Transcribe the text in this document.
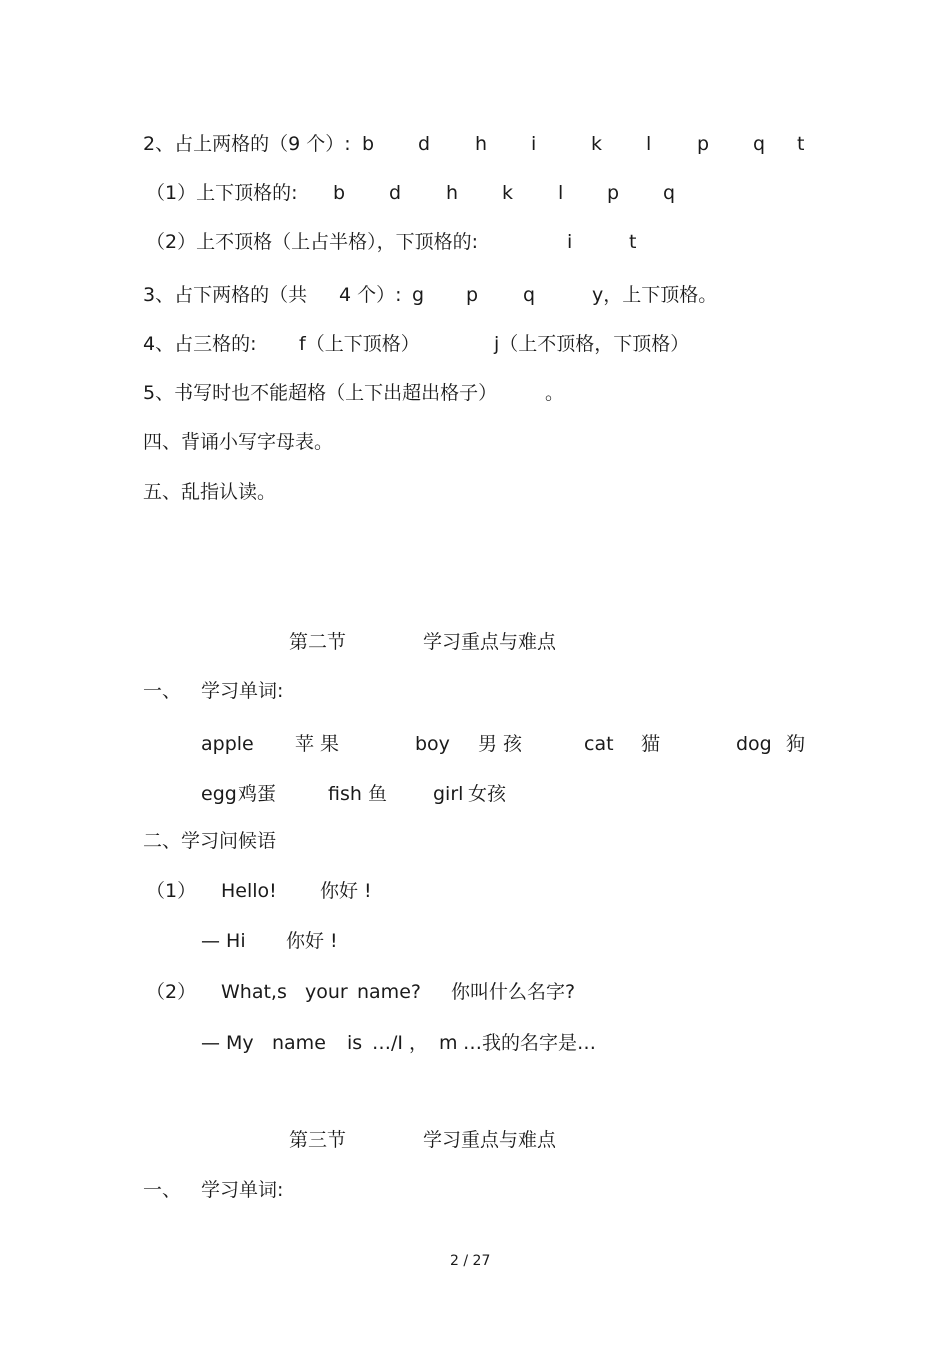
2、占上两格的（9 个）: b d h i	k l p q t
（1）上下顶格的: b d h k l p q
（2）上不顶格（上占半格），下顶格的:	i	t
3、占下两格的（共 4 个）: g p q	y，上下顶格。
4、占三格的: f（上下顶格）	j（上不顶格，下顶格）
5、书写时也不能超格（上下出超出格子）	。
四、背诵小写字母表。
五、乱指认读。
第二节	学习重点与难点
一、 学习单词:
apple 苹 果	boy 男 孩	cat 猫	dog 狗
egg 鸡蛋	fish 鱼 girl 女孩
二、学习问候语
（1） Hello! 你好 !
— Hi 你好 !
（2） What,s your name? 你叫什么名字?
— My name is …/I ， m …我的名字是…
第三节	学习重点与难点
一、 学习单词:
2 / 27
